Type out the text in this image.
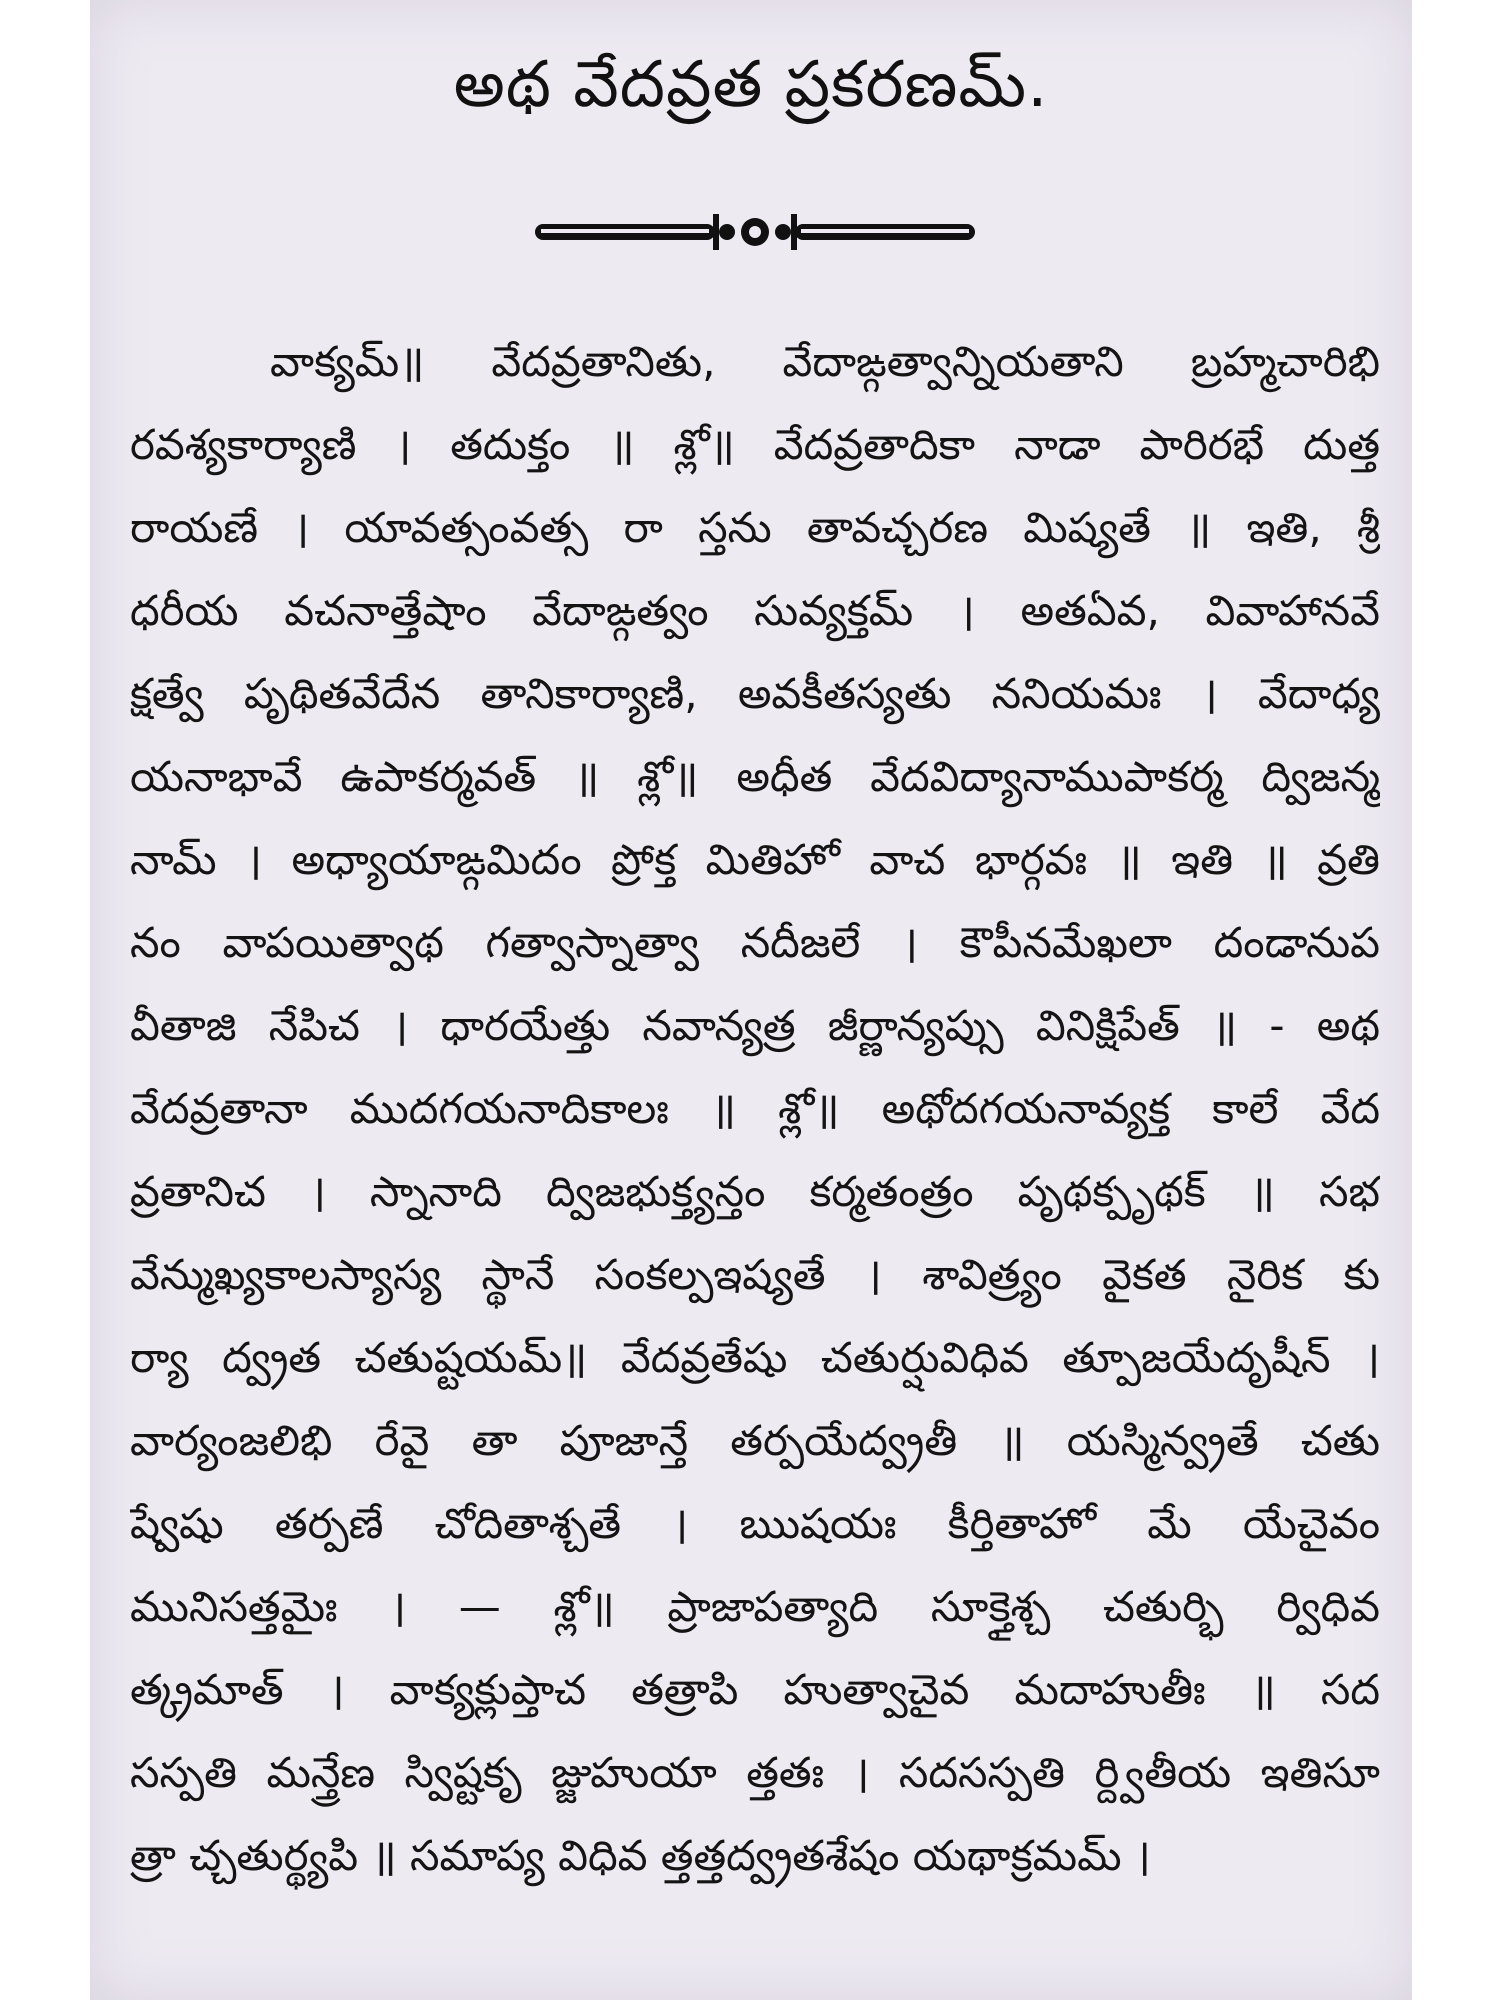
అథ వేదవ్రత ప్రకరణమ్.
వాక్యమ్॥ వేదవ్రతానితు, వేదాఙ్గత్వాన్నియతాని బ్రహ్మచారిభి
రవశ్యకార్యాణి । తదుక్తం ॥ శ్లో॥ వేదవ్రతాదికా నాడా పారిరభే దుత్త
రాయణే । యావత్సంవత్స రా స్తను తావచ్చరణ మిష్యతే ॥ ఇతి, శ్రీ
ధరీయ వచనాత్తేషాం వేదాఙ్గత్వం సువ్యక్తమ్ । అతఏవ, వివాహానవే
క్షత్వే పృథితవేదేన తానికార్యాణి, అవకీతస్యతు ననియమః । వేదాధ్య
యనాభావే ఉపాకర్మవత్ ॥ శ్లో॥ అధీత వేదవిద్యానాముపాకర్మ ద్విజన్మ
నామ్ । అధ్యాయాఙ్గమిదం ప్రోక్త మితిహో వాచ భార్గవః ॥ ఇతి ॥ వ్రతి
నం వాపయిత్వాథ గత్వాస్నాత్వా నదీజలే । కౌపీనమేఖలా దండానుప
వీతాజి నేపిచ । ధారయేత్తు నవాన్యత్ర జీర్ణాన్యప్సు వినిక్షిపేత్ ॥ - అథ
వేదవ్రతానా ముదగయనాదికాలః ॥ శ్లో॥ అథోదగయనావ్యక్త కాలే వేద
వ్రతానిచ । స్నానాది ద్విజభుక్త్యన్తం కర్మతంత్రం పృథక్పృథక్ ॥ సభ
వేన్ముఖ్యకాలస్యాస్య స్థానే సంకల్పఇష్యతే । శావిత్ర్యం వైకత నైరిక కు
ర్యా ద్వ్రత చతుష్టయమ్॥ వేదవ్రతేషు చతుర్షువిధివ త్పూజయేదృషీన్ ।
వార్యంజలిభి రేవై తా పూజాన్తే తర్పయేద్వ్రతీ ॥ యస్మిన్వ్రతే చతు
ష్వేషు తర్పణే చోదితాశ్చతే । ఋషయః కీర్తితాహో మే యేచైవం
మునిసత్తమైః । — శ్లో॥ ప్రాజాపత్యాది సూక్తైశ్చ చతుర్భి ర్విధివ
త్క్రమాత్ । వాక్యక్లుప్తాచ తత్రాపి హుత్వాచైవ మదాహుతీః ॥ సద
సస్పతి మన్త్రేణ స్విష్టకృ జ్జుహుయా త్తతః । సదసస్పతి ర్ద్వితీయ ఇతిసూ
త్రా చ్చతుర్థ్యపి ॥ సమాప్య విధివ త్తత్తద్వ్రతశేషం యథాక్రమమ్ ।
